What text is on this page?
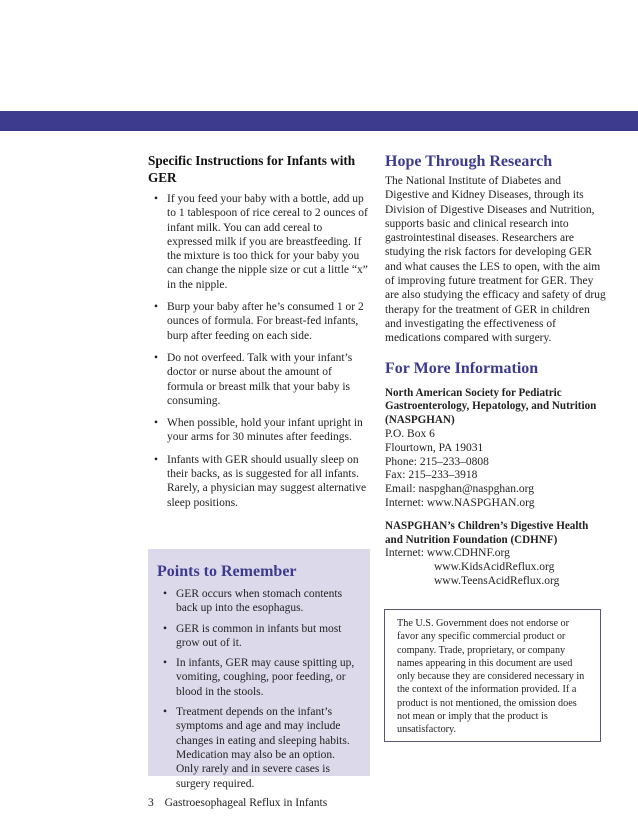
Specific Instructions for Infants with GER
• If you feed your baby with a bottle, add up to 1 tablespoon of rice cereal to 2 ounces of infant milk. You can add cereal to expressed milk if you are breastfeeding. If the mixture is too thick for your baby you can change the nipple size or cut a little “x” in the nipple.
• Burp your baby after he’s consumed 1 or 2 ounces of formula. For breast-fed infants, burp after feeding on each side.
• Do not overfeed. Talk with your infant’s doctor or nurse about the amount of formula or breast milk that your baby is consuming.
• When possible, hold your infant upright in your arms for 30 minutes after feedings.
• Infants with GER should usually sleep on their backs, as is suggested for all infants. Rarely, a physician may suggest alternative sleep positions.
Points to Remember
• GER occurs when stomach contents back up into the esophagus.
• GER is common in infants but most grow out of it.
• In infants, GER may cause spitting up, vomiting, coughing, poor feeding, or blood in the stools.
• Treatment depends on the infant’s symptoms and age and may include changes in eating and sleeping habits. Medication may also be an option. Only rarely and in severe cases is surgery required.
Hope Through Research

The National Institute of Diabetes and Digestive and Kidney Diseases, through its Division of Digestive Diseases and Nutrition, supports basic and clinical research into gastrointestinal diseases. Researchers are studying the risk factors for developing GER and what causes the LES to open, with the aim of improving future treatment for GER. They are also studying the efficacy and safety of drug therapy for the treatment of GER in children and investigating the effectiveness of medications compared with surgery.

For More Information
North American Society for Pediatric Gastroenterology, Hepatology, and Nutrition (NASPGHAN)
P.O. Box 6
Flourtown, PA 19031
Phone: 215–233–0808
Fax: 215–233–3918
Email: naspghan@naspghan.org
Internet: www.NASPGHAN.org
NASPGHAN’s Children’s Digestive Health and Nutrition Foundation (CDHNF)
Internet: www.CDHNF.org
www.KidsAcidReflux.org
www.TeensAcidReflux.org
The U.S. Government does not endorse or favor any specific commercial product or company. Trade, proprietary, or company names appearing in this document are used only because they are considered necessary in the context of the information provided. If a product is not mentioned, the omission does not mean or imply that the product is unsatisfactory.
3 Gastroesophageal Reflux in Infants
